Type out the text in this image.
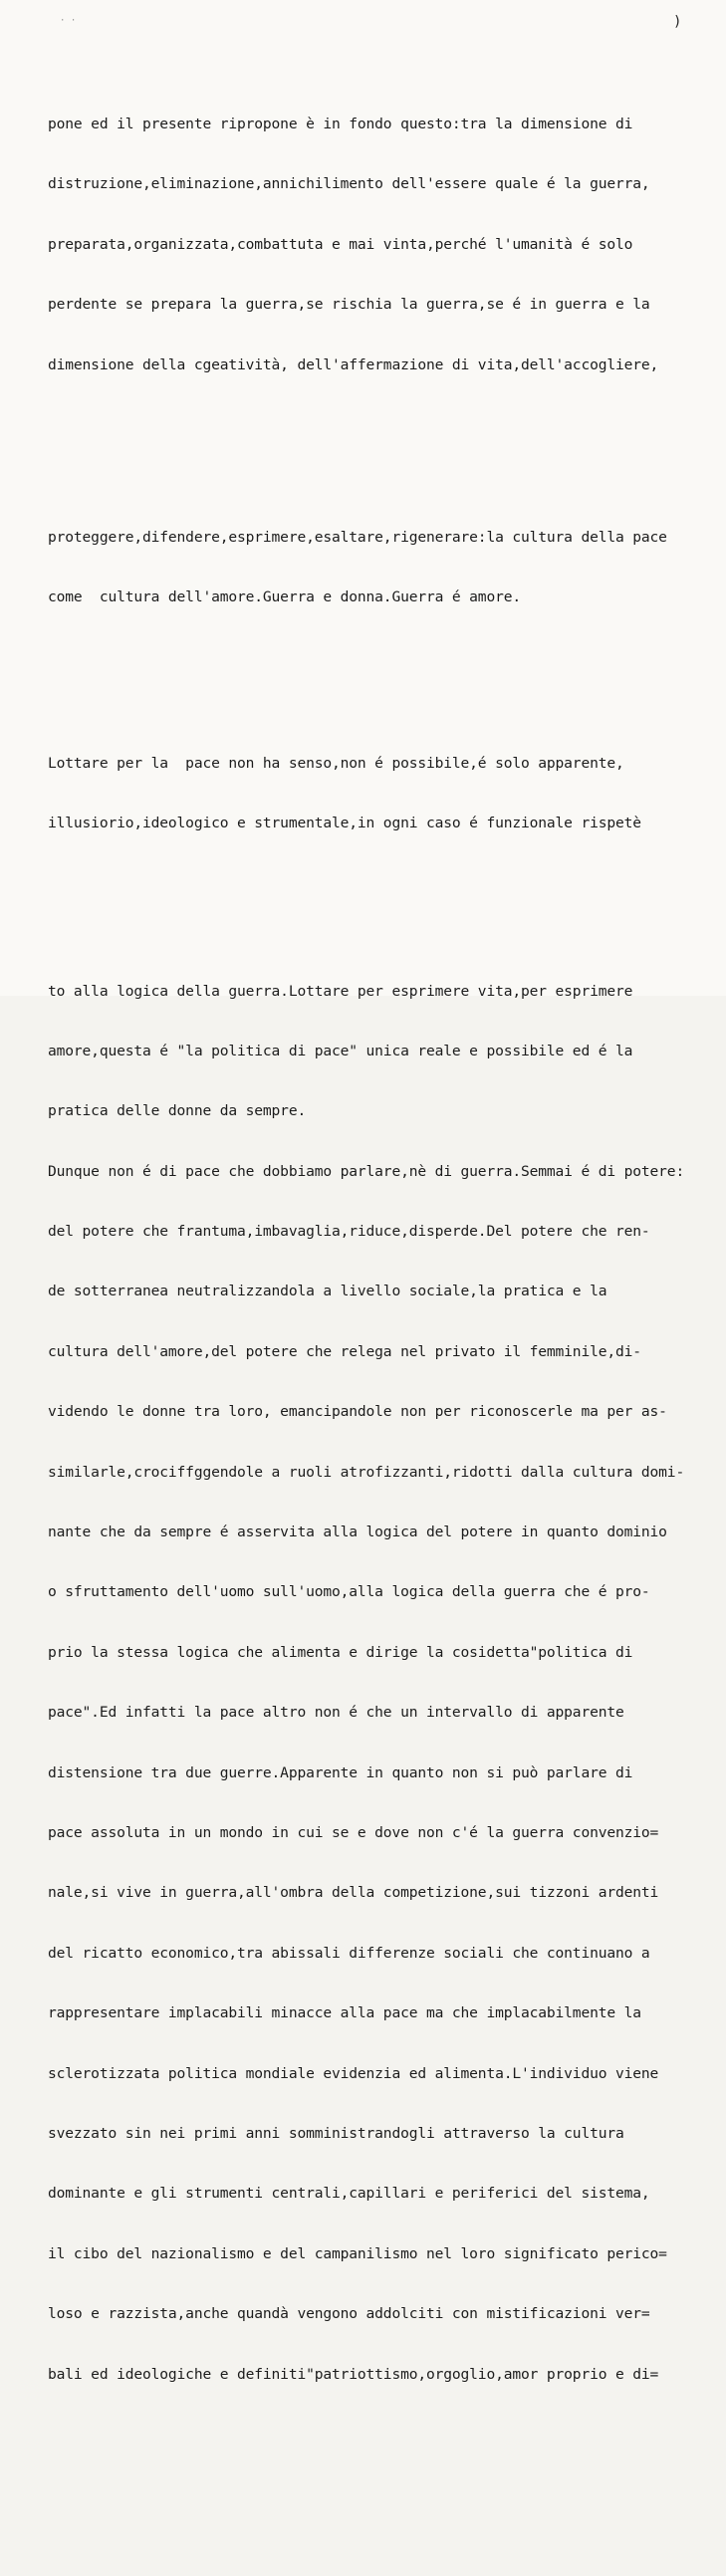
· ·	)

pone ed il presente ripropone è in fondo questo:tra la dimensione di

distruzione,eliminazione,annichilimento dell'essere quale é la guerra,

preparata,organizzata,combattuta e mai vinta,perché l'umanità é solo

perdente se prepara la guerra,se rischia la guerra,se é in guerra e la

dimensione della cgeatività, dell'affermazione di vita,dell'accogliere,

proteggere,difendere,esprimere,esaltare,rigenerare:la cultura della pace

come  cultura dell'amore.Guerra e donna.Guerra é amore.

Lottare per la  pace non ha senso,non é possibile,é solo apparente,

illusiorio,ideologico e strumentale,in ogni caso é funzionale rispetè

to alla logica della guerra.Lottare per esprimere vita,per esprimere

amore,questa é "la politica di pace" unica reale e possibile ed é la

pratica delle donne da sempre.

Dunque non é di pace che dobbiamo parlare,nè di guerra.Semmai é di potere:

del potere che frantuma,imbavaglia,riduce,disperde.Del potere che ren-

de sotterranea neutralizzandola a livello sociale,la pratica e la

cultura dell'amore,del potere che relega nel privato il femminile,di-

videndo le donne tra loro, emancipandole non per riconoscerle ma per as-

similarle,crociffggendole a ruoli atrofizzanti,ridotti dalla cultura domi-

nante che da sempre é asservita alla logica del potere in quanto dominio

o sfruttamento dell'uomo sull'uomo,alla logica della guerra che é pro-

prio la stessa logica che alimenta e dirige la cosidetta"politica di

pace".Ed infatti la pace altro non é che un intervallo di apparente

distensione tra due guerre.Apparente in quanto non si può parlare di

pace assoluta in un mondo in cui se e dove non c'é la guerra convenzio=

nale,si vive in guerra,all'ombra della competizione,sui tizzoni ardenti

del ricatto economico,tra abissali differenze sociali che continuano a

rappresentare implacabili minacce alla pace ma che implacabilmente la

sclerotizzata politica mondiale evidenzia ed alimenta.L'individuo viene

svezzato sin nei primi anni somministrandogli attraverso la cultura

dominante e gli strumenti centrali,capillari e periferici del sistema,

il cibo del nazionalismo e del campanilismo nel loro significato perico=

loso e razzista,anche quandà vengono addolciti con mistificazioni ver=

bali ed ideologiche e definiti"patriottismo,orgoglio,amor proprio e di=
